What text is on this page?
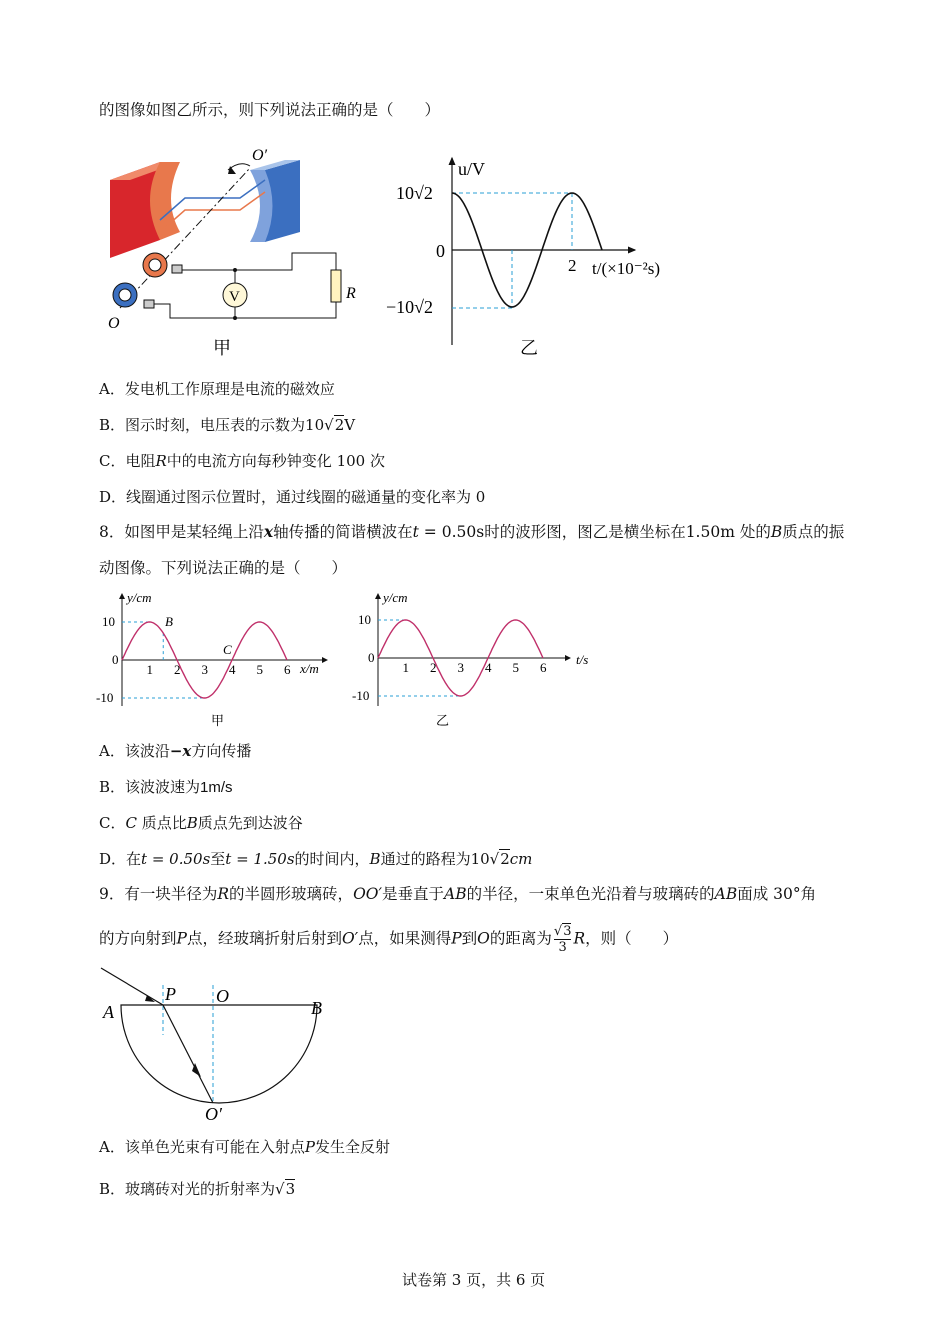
的图像如图乙所示，则下列说法正确的是（　　）
O′
V	R
O
甲
u/V
t/(×10⁻²s)
10√2
0
−10√2
2
乙
A．发电机工作原理是电流的磁效应
B．图示时刻，电压表的示数为10√2V
C．电阻R中的电流方向每秒钟变化 100 次
D．线圈通过图示位置时，通过线圈的磁通量的变化率为 0
8．如图甲是某轻绳上沿x轴传播的简谐横波在t = 0.50s时的波形图，图乙是横坐标在1.50m 处的B质点的振
动图像。下列说法正确的是（　　）
y/cm
x/m
1 2 3 4 5 6
10
0
-10
B
C
甲
y/cm
t/s
1 2 3 4 5 6
10
0
-10
乙
A．该波沿−x方向传播
B．该波波速为1m/s
C．C 质点比B质点先到达波谷
D．在t = 0.50s至t = 1.50s的时间内，B通过的路程为10√2cm
9．有一块半径为R的半圆形玻璃砖，OO′是垂直于AB的半径，一束单色光沿着与玻璃砖的AB面成 30°角
的方向射到P点，经玻璃折射后射到O′点，如果测得P到O的距离为 $\frac{√3}{3}$ R，则（　　）
A	B
P O
O′
A．该单色光束有可能在入射点P发生全反射
B．玻璃砖对光的折射率为√3
试卷第 3 页，共 6 页
